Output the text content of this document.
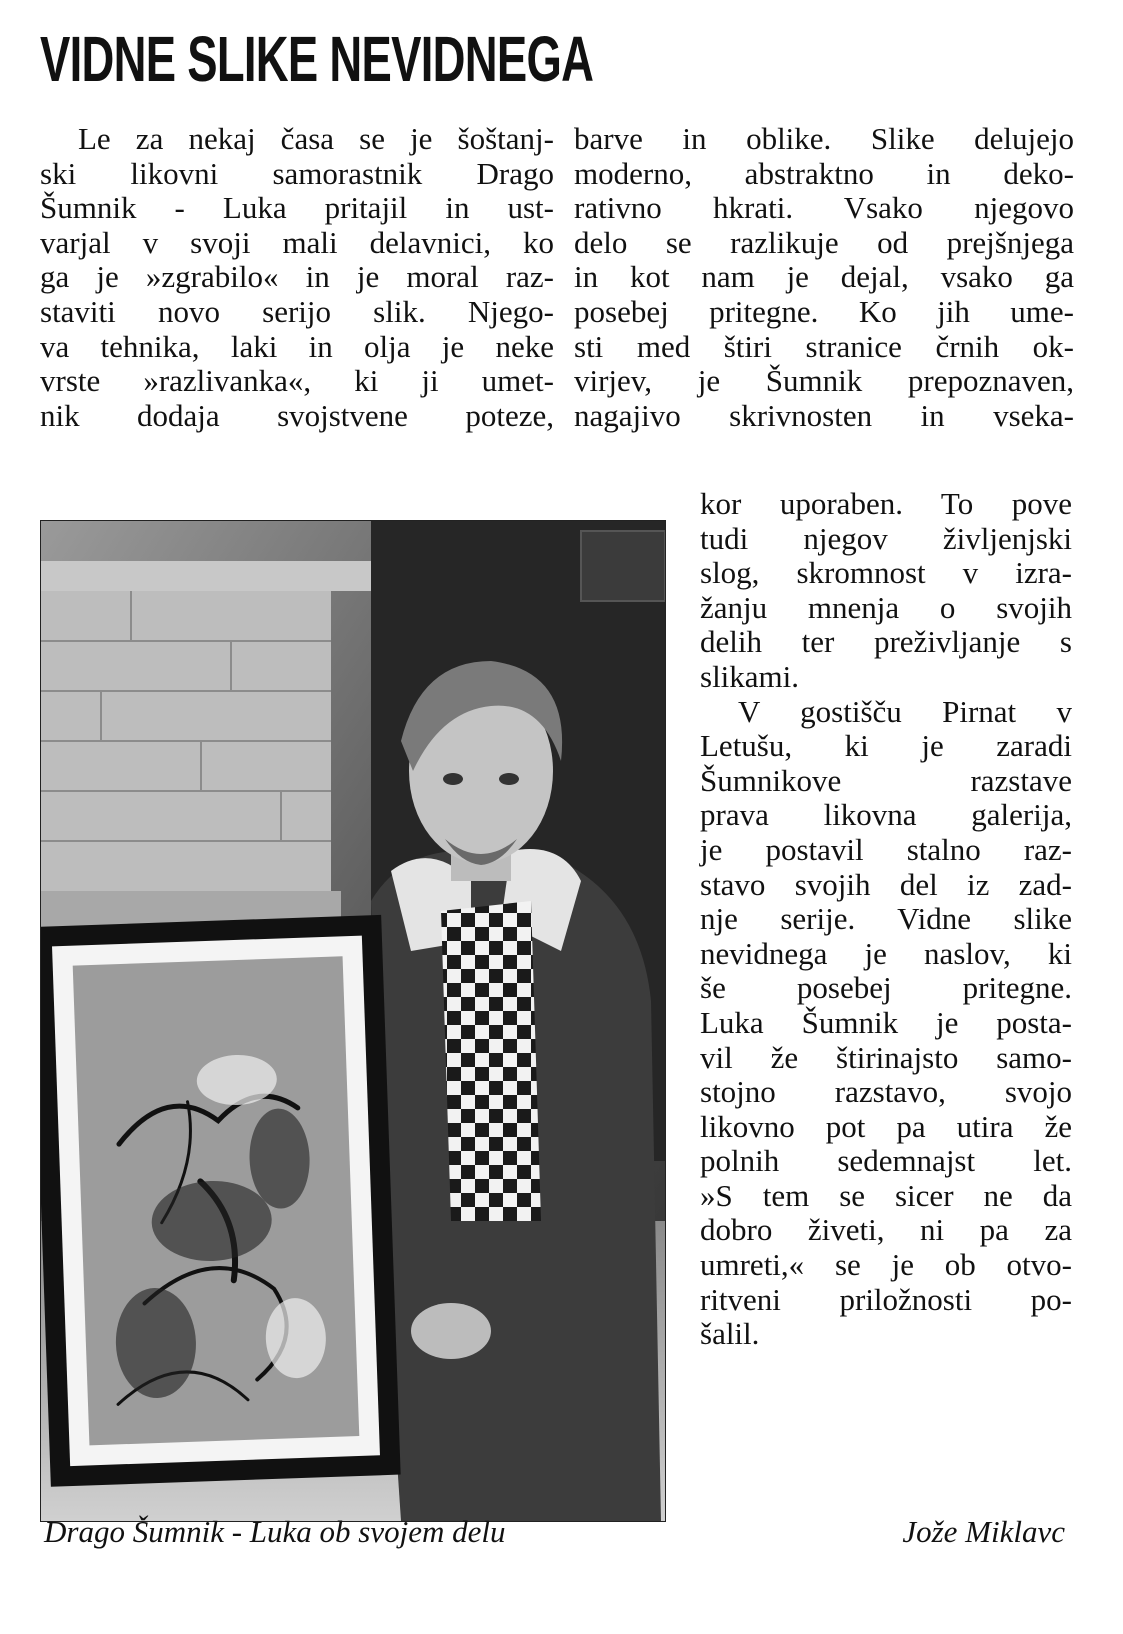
VIDNE SLIKE NEVIDNEGA

Le za nekaj časa se je šoštanj-
ski likovni samorastnik Drago
Šumnik - Luka pritajil in ust-
varjal v svoji mali delavnici, ko
ga je »zgrabilo« in je moral raz-
staviti novo serijo slik. Njego-
va tehnika, laki in olja je neke
vrste »razlivanka«, ki ji umet-
nik dodaja svojstvene poteze,

barve in oblike. Slike delujejo
moderno, abstraktno in deko-
rativno hkrati. Vsako njegovo
delo se razlikuje od prejšnjega
in kot nam je dejal, vsako ga
posebej pritegne. Ko jih ume-
sti med štiri stranice črnih ok-
virjev, je Šumnik prepoznaven,
nagajivo skrivnosten in vseka-

kor uporaben. To pove
tudi njegov življenjski
slog, skromnost v izra-
žanju mnenja o svojih
delih ter preživljanje s
slikami.

V gostišču Pirnat v
Letušu, ki je zaradi
Šumnikove razstave
prava likovna galerija,
je postavil stalno raz-
stavo svojih del iz zad-
nje serije. Vidne slike
nevidnega je naslov, ki
še posebej pritegne.
Luka Šumnik je posta-
vil že štirinajsto samo-
stojno razstavo, svojo
likovno pot pa utira že
polnih sedemnajst let.
»S tem se sicer ne da
dobro živeti, ni pa za
umreti,« se je ob otvo-
ritveni priložnosti po-
šalil.

Drago Šumnik - Luka ob svojem delu	Jože Miklavc
